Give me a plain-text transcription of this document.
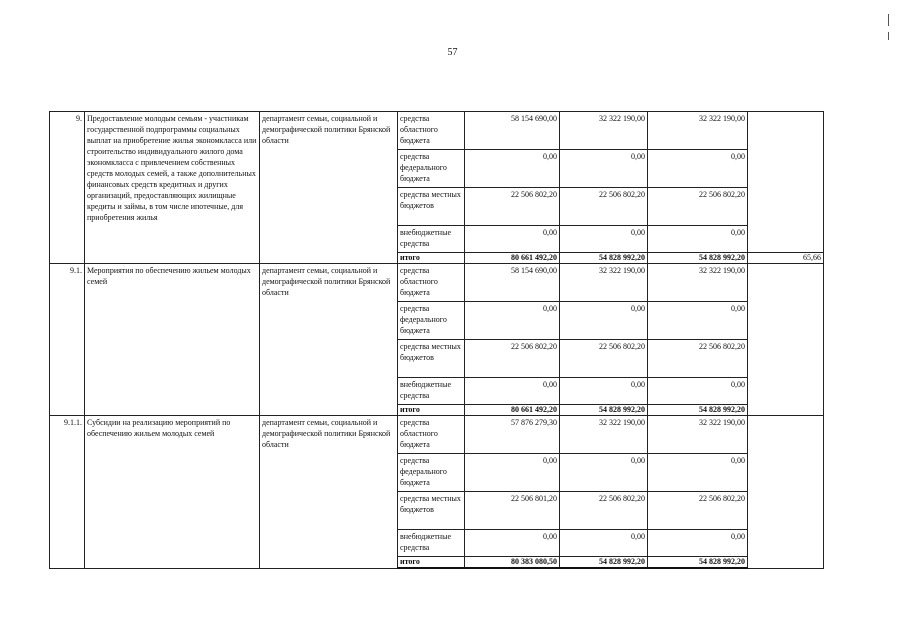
57
9.	Предоставление молодым семьям - участникам государственной подпрограммы социальных выплат на приобретение жилья экономкласса или строительство индивидуального жилого дома экономкласса с привлечением собственных средств молодых семей, а также дополнительных финансовых средств кредитных и других организаций, предоставляющих жилищные кредиты и займы, в том числе ипотечные, для приобретения жилья	департамент семьи, социальной и демографической политики Брянской области	средства областного бюджета	58 154 690,00	32 322 190,00	32 322 190,00	
			средства федерального бюджета	0,00	0,00	0,00	
			средства местных бюджетов	22 506 802,20	22 506 802,20	22 506 802,20	
			внебюджетные средства	0,00	0,00	0,00	
			итого	80 661 492,20	54 828 992,20	54 828 992,20	65,66
9.1.	Мероприятия по обеспечению жильем молодых семей	департамент семьи, социальной и демографической политики Брянской области	средства областного бюджета	58 154 690,00	32 322 190,00	32 322 190,00	
			средства федерального бюджета	0,00	0,00	0,00	
			средства местных бюджетов	22 506 802,20	22 506 802,20	22 506 802,20	
			внебюджетные средства	0,00	0,00	0,00	
			итого	80 661 492,20	54 828 992,20	54 828 992,20	
9.1.1.	Субсидии на реализацию мероприятий по обеспечению жильем молодых семей	департамент семьи, социальной и демографической политики Брянской области	средства областного бюджета	57 876 279,30	32 322 190,00	32 322 190,00	
			средства федерального бюджета	0,00	0,00	0,00	
			средства местных бюджетов	22 506 801,20	22 506 802,20	22 506 802,20	
			внебюджетные средства	0,00	0,00	0,00	
			итого	80 383 080,50	54 828 992,20	54 828 992,20	
